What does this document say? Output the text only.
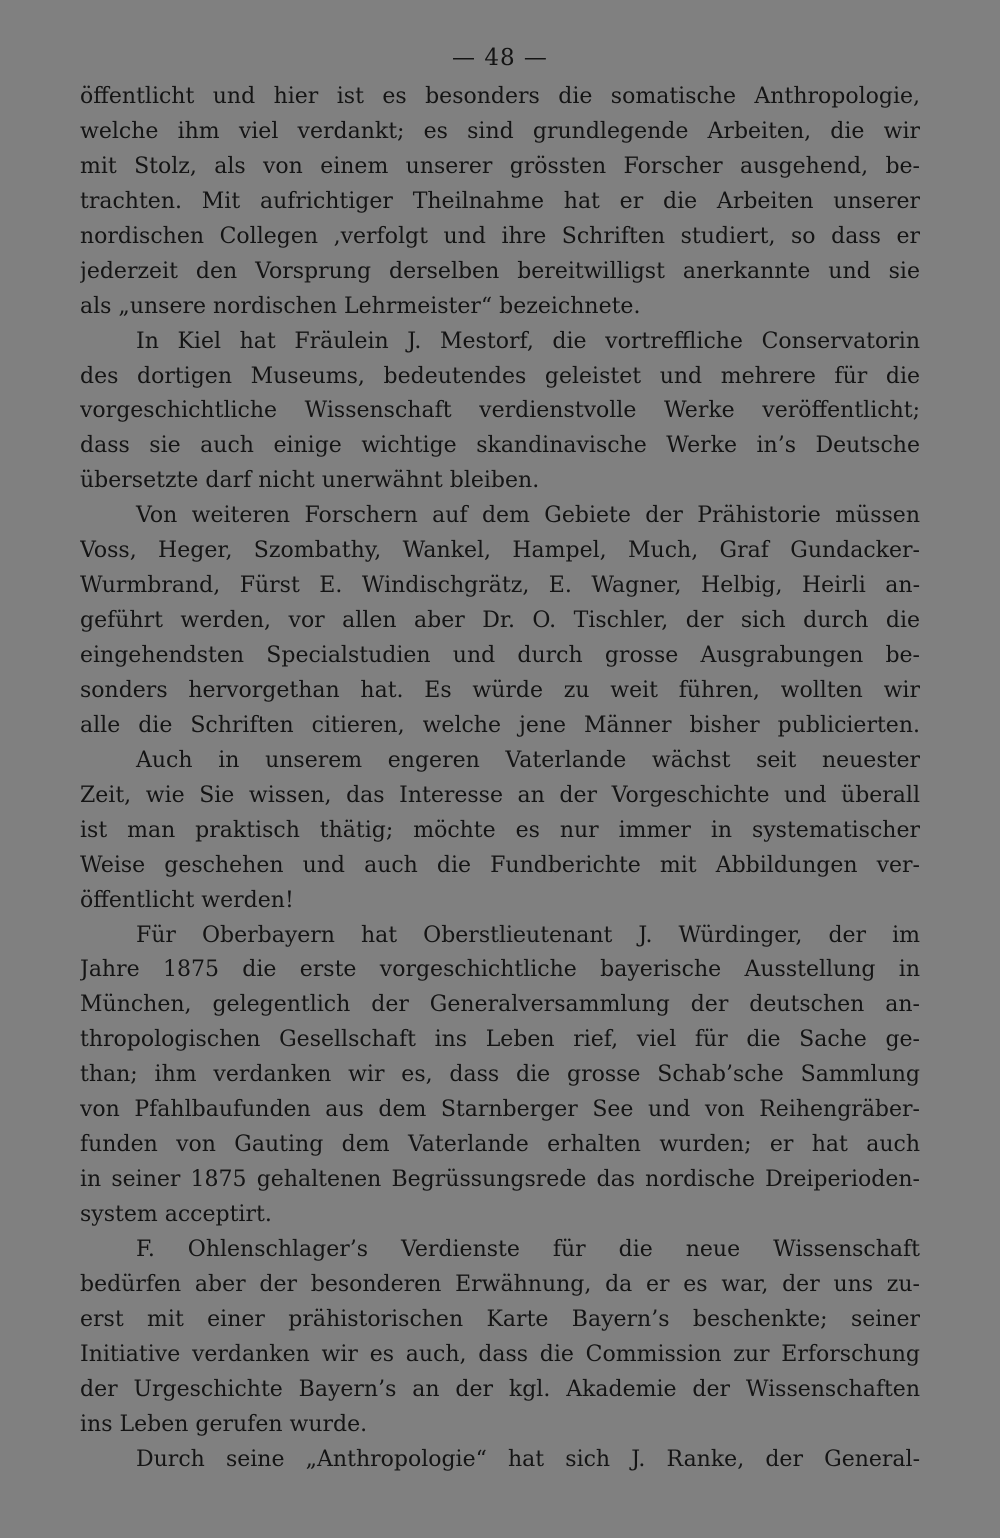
— 48 —
öffentlicht und hier ist es besonders die somatische Anthropologie,
welche ihm viel verdankt; es sind grundlegende Arbeiten, die wir
mit Stolz, als von einem unserer grössten Forscher ausgehend, be-
trachten. Mit aufrichtiger Theilnahme hat er die Arbeiten unserer
nordischen Collegen ,verfolgt und ihre Schriften studiert, so dass er
jederzeit den Vorsprung derselben bereitwilligst anerkannte und sie
als „unsere nordischen Lehrmeister“ bezeichnete.
In Kiel hat Fräulein J. Mestorf, die vortreffliche Conservatorin
des dortigen Museums, bedeutendes geleistet und mehrere für die
vorgeschichtliche Wissenschaft verdienstvolle Werke veröffentlicht;
dass sie auch einige wichtige skandinavische Werke in’s Deutsche
übersetzte darf nicht unerwähnt bleiben.
Von weiteren Forschern auf dem Gebiete der Prähistorie müssen
Voss, Heger, Szombathy, Wankel, Hampel, Much, Graf Gundacker-
Wurmbrand, Fürst E. Windischgrätz, E. Wagner, Helbig, Heirli an-
geführt werden, vor allen aber Dr. O. Tischler, der sich durch die
eingehendsten Specialstudien und durch grosse Ausgrabungen be-
sonders hervorgethan hat. Es würde zu weit führen, wollten wir
alle die Schriften citieren, welche jene Männer bisher publicierten.
Auch in unserem engeren Vaterlande wächst seit neuester
Zeit, wie Sie wissen, das Interesse an der Vorgeschichte und überall
ist man praktisch thätig; möchte es nur immer in systematischer
Weise geschehen und auch die Fundberichte mit Abbildungen ver-
öffentlicht werden!
Für Oberbayern hat Oberstlieutenant J. Würdinger, der im
Jahre 1875 die erste vorgeschichtliche bayerische Ausstellung in
München, gelegentlich der Generalversammlung der deutschen an-
thropologischen Gesellschaft ins Leben rief, viel für die Sache ge-
than; ihm verdanken wir es, dass die grosse Schab’sche Sammlung
von Pfahlbaufunden aus dem Starnberger See und von Reihengräber-
funden von Gauting dem Vaterlande erhalten wurden; er hat auch
in seiner 1875 gehaltenen Begrüssungsrede das nordische Dreiperioden-
system acceptirt.
F. Ohlenschlager’s Verdienste für die neue Wissenschaft
bedürfen aber der besonderen Erwähnung, da er es war, der uns zu-
erst mit einer prähistorischen Karte Bayern’s beschenkte; seiner
Initiative verdanken wir es auch, dass die Commission zur Erforschung
der Urgeschichte Bayern’s an der kgl. Akademie der Wissenschaften
ins Leben gerufen wurde.
Durch seine „Anthropologie“ hat sich J. Ranke, der General-
